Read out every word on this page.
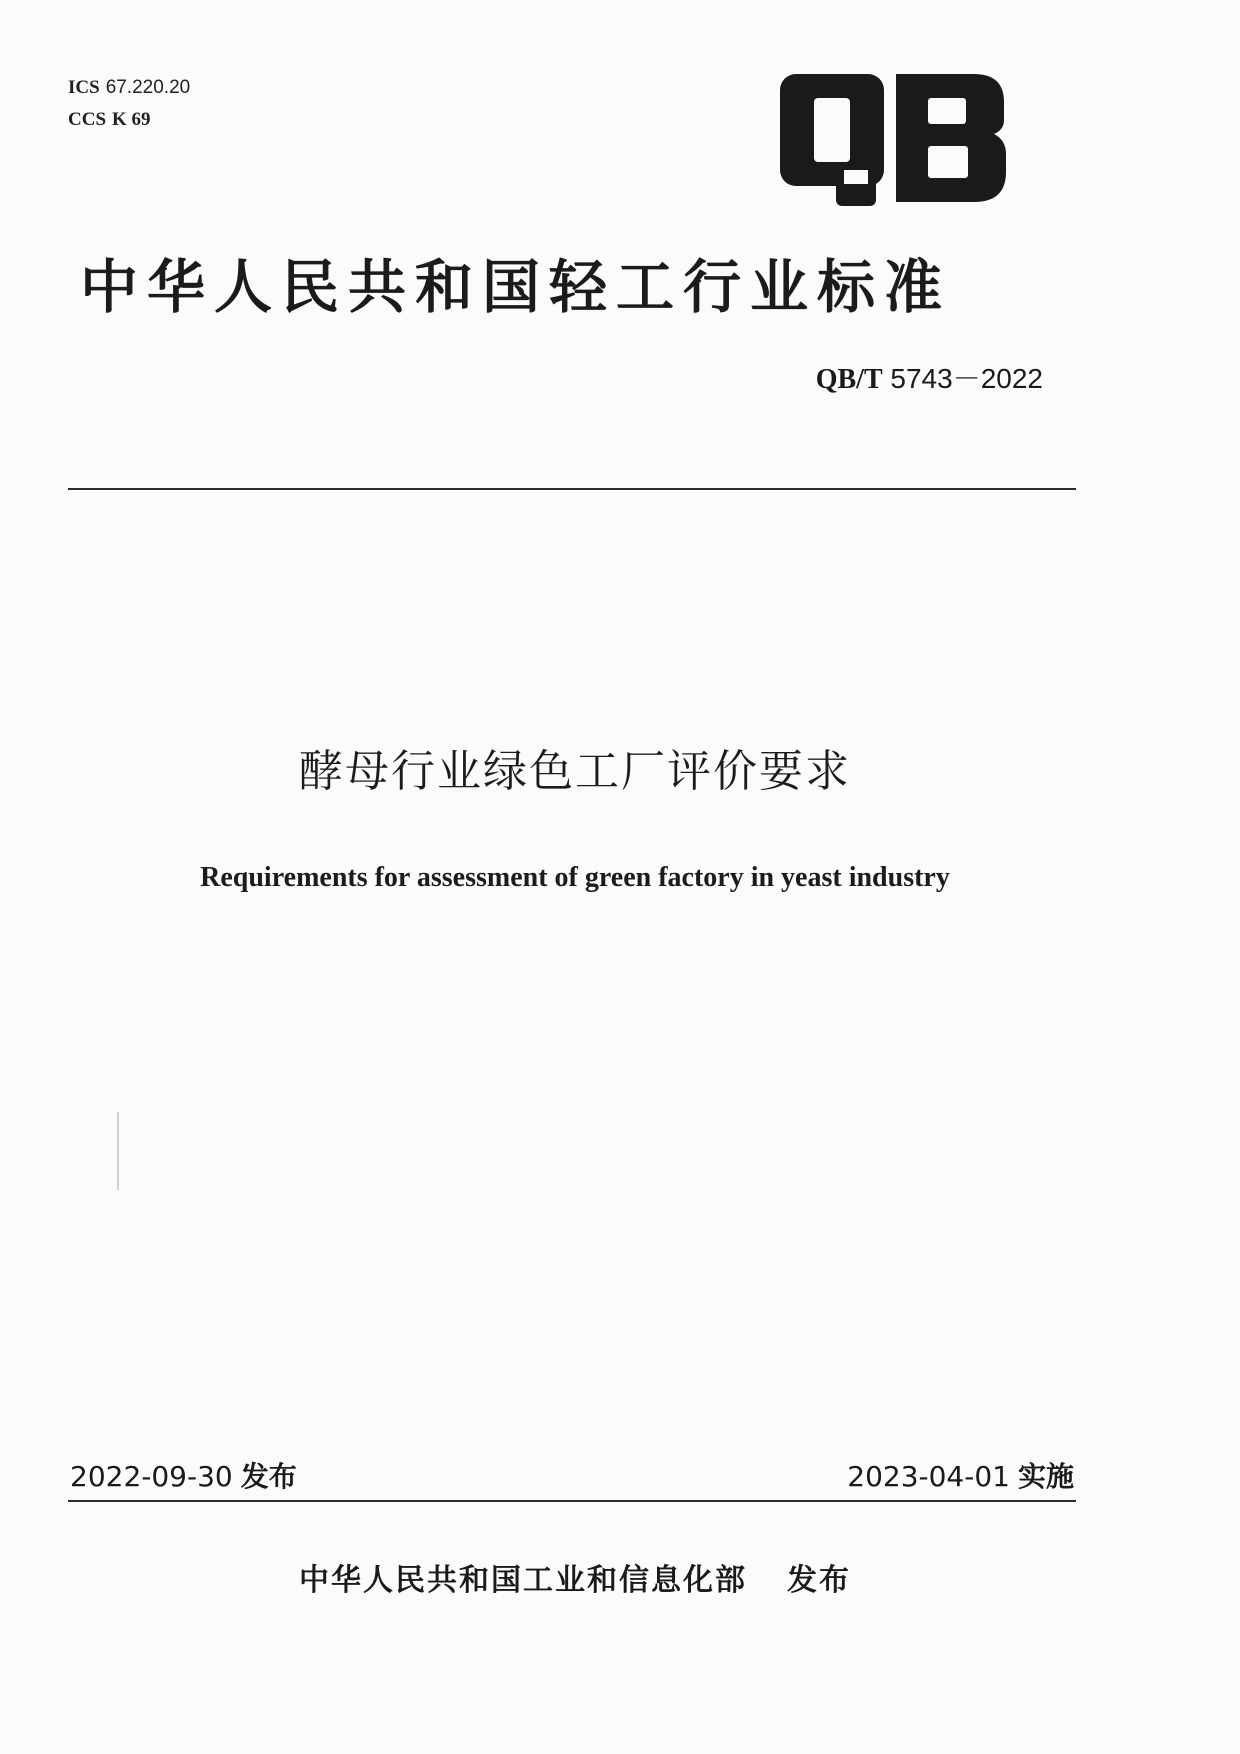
ICS 67.220.20
CCS K 69
中华人民共和国轻工行业标准
QB/T 5743－2022
酵母行业绿色工厂评价要求
Requirements for assessment of green factory in yeast industry
2022-09-30 发布	2023-04-01 实施
中华人民共和国工业和信息化部 发布
